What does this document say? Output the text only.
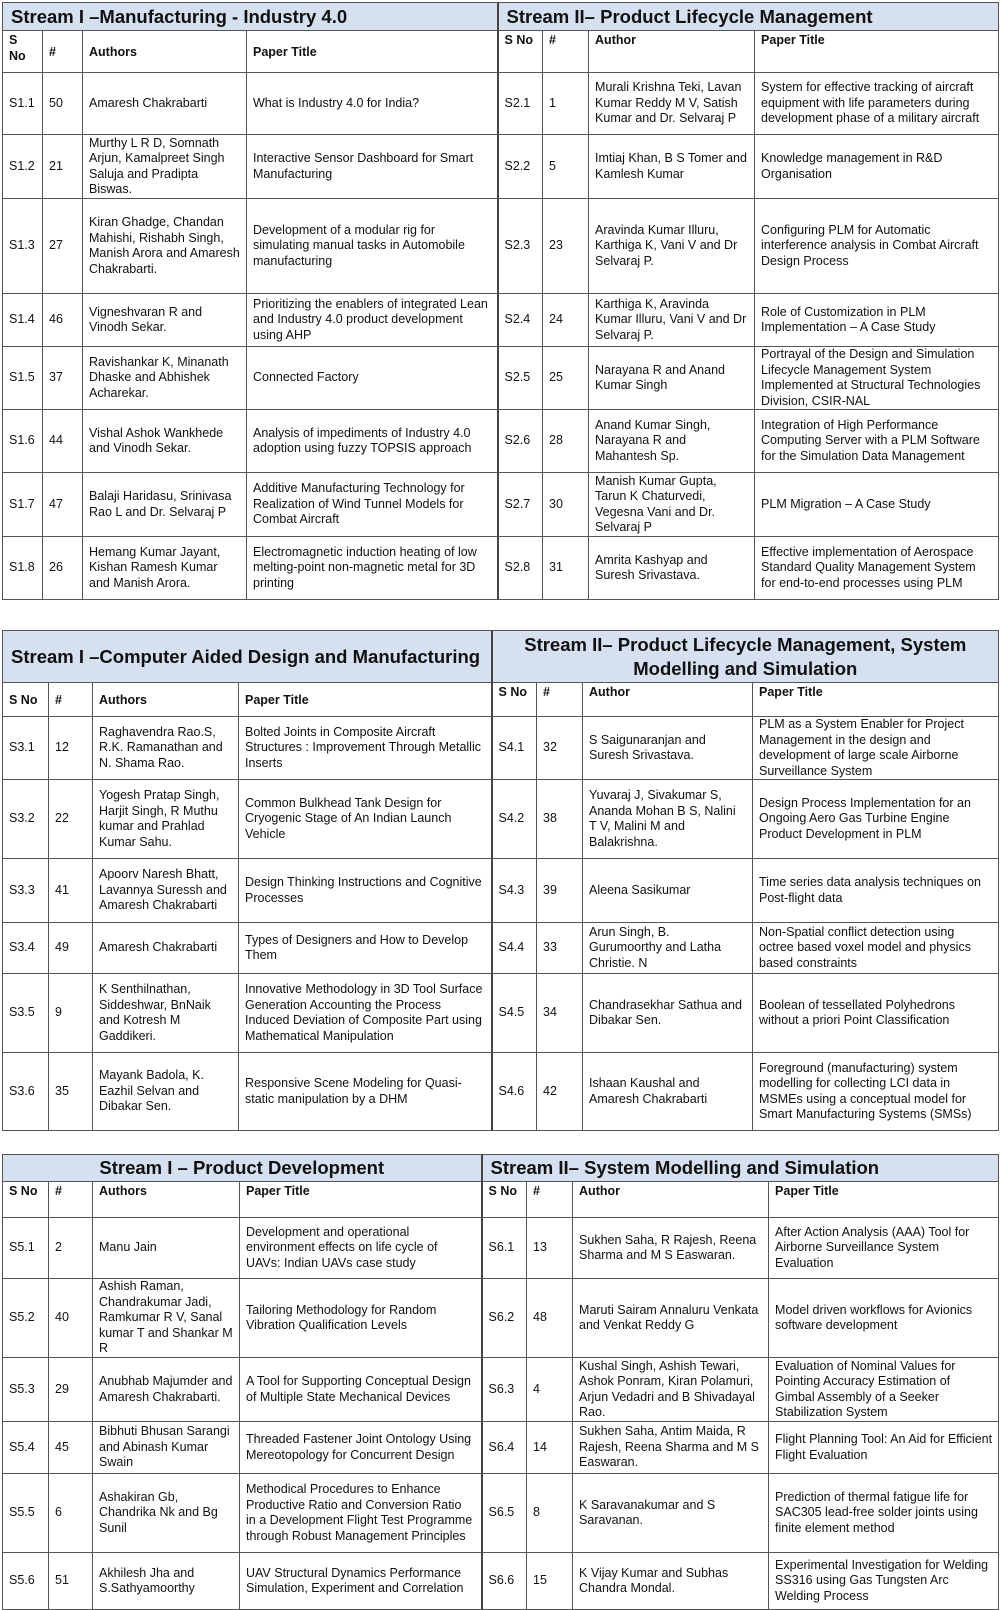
Stream I –Manufacturing - Industry 4.0				Stream II– Product Lifecycle Management			
S No	#	Authors	Paper Title	S No	#	Author	Paper Title
S1.1	50	Amaresh Chakrabarti	What is Industry 4.0 for India?	S2.1	1	Murali Krishna Teki, Lavan Kumar Reddy M V, Satish Kumar and Dr. Selvaraj P	System for effective tracking of aircraft equipment with life parameters during development phase of a military aircraft
S1.2	21	Murthy L R D, Somnath Arjun, Kamalpreet Singh Saluja and Pradipta Biswas.	Interactive Sensor Dashboard for Smart Manufacturing	S2.2	5	Imtiaj Khan, B S Tomer and Kamlesh Kumar	Knowledge management in R&D Organisation
S1.3	27	Kiran Ghadge, Chandan Mahishi, Rishabh Singh, Manish Arora and Amaresh Chakrabarti.	Development of a modular rig for simulating manual tasks in Automobile manufacturing	S2.3	23	Aravinda Kumar Illuru, Karthiga K, Vani V and Dr Selvaraj P.	Configuring PLM for Automatic interference analysis in Combat Aircraft Design Process
S1.4	46	Vigneshvaran R and Vinodh Sekar.	Prioritizing the enablers of integrated Lean and Industry 4.0 product development using AHP	S2.4	24	Karthiga K, Aravinda Kumar Illuru, Vani V and Dr Selvaraj P.	Role of Customization in PLM Implementation – A Case Study
S1.5	37	Ravishankar K, Minanath Dhaske and Abhishek Acharekar.	Connected Factory	S2.5	25	Narayana R and Anand Kumar Singh	Portrayal of the Design and Simulation Lifecycle Management System Implemented at Structural Technologies Division, CSIR-NAL
S1.6	44	Vishal Ashok Wankhede and Vinodh Sekar.	Analysis of impediments of Industry 4.0 adoption using fuzzy TOPSIS approach	S2.6	28	Anand Kumar Singh, Narayana R and Mahantesh Sp.	Integration of High Performance Computing Server with a PLM Software for the Simulation Data Management
S1.7	47	Balaji Haridasu, Srinivasa Rao L and Dr. Selvaraj P	Additive Manufacturing Technology for Realization of Wind Tunnel Models for Combat Aircraft	S2.7	30	Manish Kumar Gupta, Tarun K Chaturvedi, Vegesna Vani and Dr. Selvaraj P	PLM Migration – A Case Study
S1.8	26	Hemang Kumar Jayant, Kishan Ramesh Kumar and Manish Arora.	Electromagnetic induction heating of low melting-point non-magnetic metal for 3D printing	S2.8	31	Amrita Kashyap and Suresh Srivastava.	Effective implementation of Aerospace Standard Quality Management System for end-to-end processes using PLM
Stream I –Computer Aided Design and Manufacturing				Stream II– Product Lifecycle Management, System Modelling and Simulation			
S No	#	Authors	Paper Title	S No	#	Author	Paper Title
S3.1	12	Raghavendra Rao.S, R.K. Ramanathan and N. Shama Rao.	Bolted Joints in Composite Aircraft Structures : Improvement Through Metallic Inserts	S4.1	32	S Saigunaranjan and Suresh Srivastava.	PLM as a System Enabler for Project Management in the design and development of large scale Airborne Surveillance System
S3.2	22	Yogesh Pratap Singh, Harjit Singh, R Muthu kumar and Prahlad Kumar Sahu.	Common Bulkhead Tank Design for Cryogenic Stage of An Indian Launch Vehicle	S4.2	38	Yuvaraj J, Sivakumar S, Ananda Mohan B S, Nalini T V, Malini M and Balakrishna.	Design Process Implementation for an Ongoing Aero Gas Turbine Engine Product Development in PLM
S3.3	41	Apoorv Naresh Bhatt, Lavannya Suressh and Amaresh Chakrabarti	Design Thinking Instructions and Cognitive Processes	S4.3	39	Aleena Sasikumar	Time series data analysis techniques on Post-flight data
S3.4	49	Amaresh Chakrabarti	Types of Designers and How to Develop Them	S4.4	33	Arun Singh, B. Gurumoorthy and Latha Christie. N	Non-Spatial conflict detection using octree based voxel model and physics based constraints
S3.5	9	K Senthilnathan, Siddeshwar, BnNaik and Kotresh M Gaddikeri.	Innovative Methodology in 3D Tool Surface Generation Accounting the Process Induced Deviation of Composite Part using Mathematical Manipulation	S4.5	34	Chandrasekhar Sathua and Dibakar Sen.	Boolean of tessellated Polyhedrons without a priori Point Classification
S3.6	35	Mayank Badola, K. Eazhil Selvan and Dibakar Sen.	Responsive Scene Modeling for Quasi-static manipulation by a DHM	S4.6	42	Ishaan Kaushal and Amaresh Chakrabarti	Foreground (manufacturing) system modelling for collecting LCI data in MSMEs using a conceptual model for Smart Manufacturing Systems (SMSs)
Stream I – Product Development				Stream II– System Modelling and Simulation			
S No	#	Authors	Paper Title	S No	#	Author	Paper Title
S5.1	2	Manu Jain	Development and operational environment effects on life cycle of UAVs: Indian UAVs case study	S6.1	13	Sukhen Saha, R Rajesh, Reena Sharma and M S Easwaran.	After Action Analysis (AAA) Tool for Airborne Surveillance System Evaluation
S5.2	40	Ashish Raman, Chandrakumar Jadi, Ramkumar R V, Sanal kumar T and Shankar M R	Tailoring Methodology for Random Vibration Qualification Levels	S6.2	48	Maruti Sairam Annaluru Venkata and Venkat Reddy G	Model driven workflows for Avionics software development
S5.3	29	Anubhab Majumder and Amaresh Chakrabarti.	A Tool for Supporting Conceptual Design of Multiple State Mechanical Devices	S6.3	4	Kushal Singh, Ashish Tewari, Ashok Ponram, Kiran Polamuri, Arjun Vedadri and B Shivadayal Rao.	Evaluation of Nominal Values for Pointing Accuracy Estimation of Gimbal Assembly of a Seeker Stabilization System
S5.4	45	Bibhuti Bhusan Sarangi and Abinash Kumar Swain	Threaded Fastener Joint Ontology Using Mereotopology for Concurrent Design	S6.4	14	Sukhen Saha, Antim Maida, R Rajesh, Reena Sharma and M S Easwaran.	Flight Planning Tool: An Aid for Efficient Flight Evaluation
S5.5	6	Ashakiran Gb, Chandrika Nk and Bg Sunil	Methodical Procedures to Enhance Productive Ratio and Conversion Ratio in a Development Flight Test Programme through Robust Management Principles	S6.5	8	K Saravanakumar and S Saravanan.	Prediction of thermal fatigue life for SAC305 lead-free solder joints using finite element method
S5.6	51	Akhilesh Jha and S.Sathyamoorthy	UAV Structural Dynamics Performance Simulation, Experiment and Correlation	S6.6	15	K Vijay Kumar and Subhas Chandra Mondal.	Experimental Investigation for Welding SS316 using Gas Tungsten Arc Welding Process
